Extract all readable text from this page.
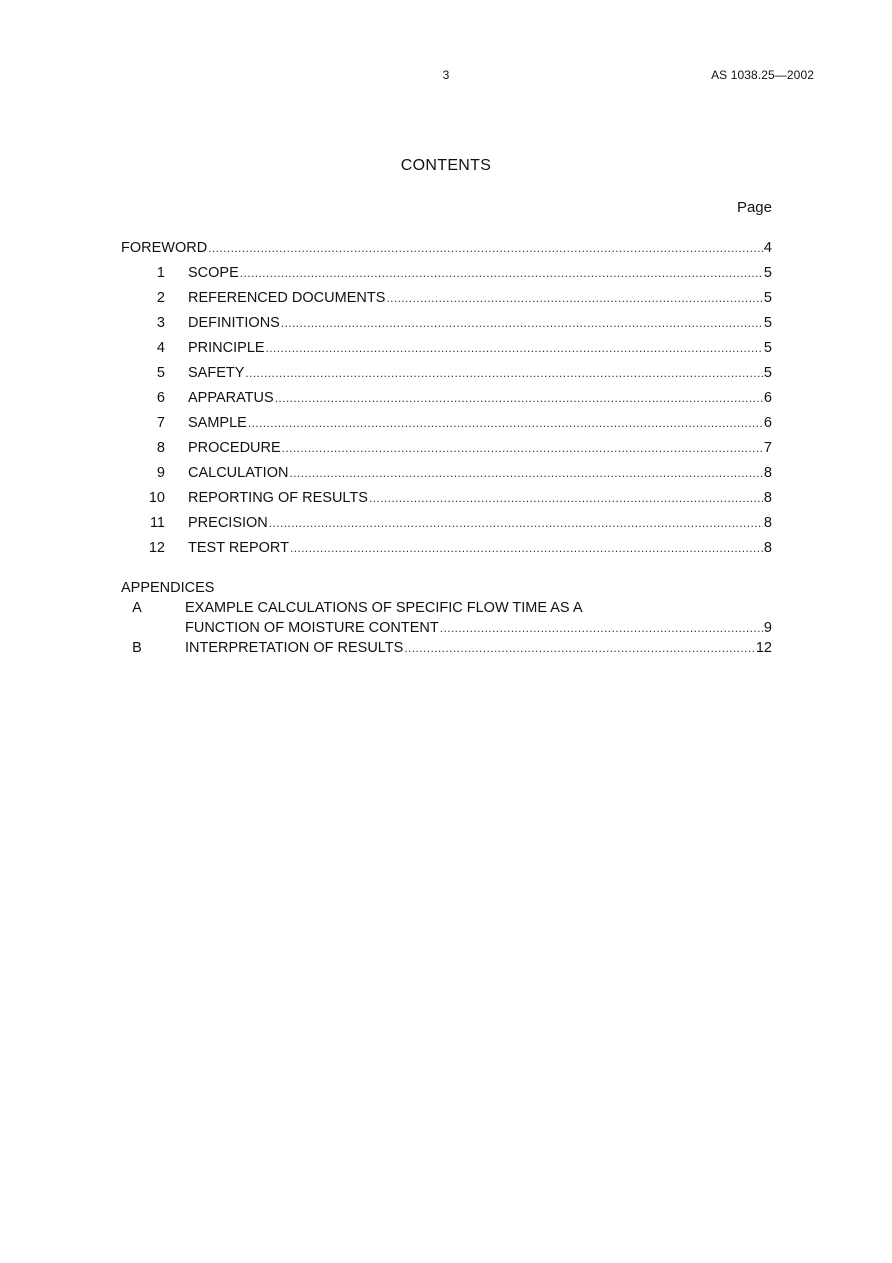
3	AS 1038.25—2002
CONTENTS
Page
FOREWORD .....	4
1 SCOPE .....	5
2 REFERENCED DOCUMENTS .....	5
3 DEFINITIONS .....	5
4 PRINCIPLE .....	5
5 SAFETY .....	5
6 APPARATUS .....	6
7 SAMPLE .....	6
8 PROCEDURE .....	7
9 CALCULATION .....	8
10 REPORTING OF RESULTS .....	8
11 PRECISION .....	8
12 TEST REPORT .....	8
APPENDICES
A	EXAMPLE CALCULATIONS OF SPECIFIC FLOW TIME AS A
FUNCTION OF MOISTURE CONTENT .....	9
B	INTERPRETATION OF RESULTS .....	12
